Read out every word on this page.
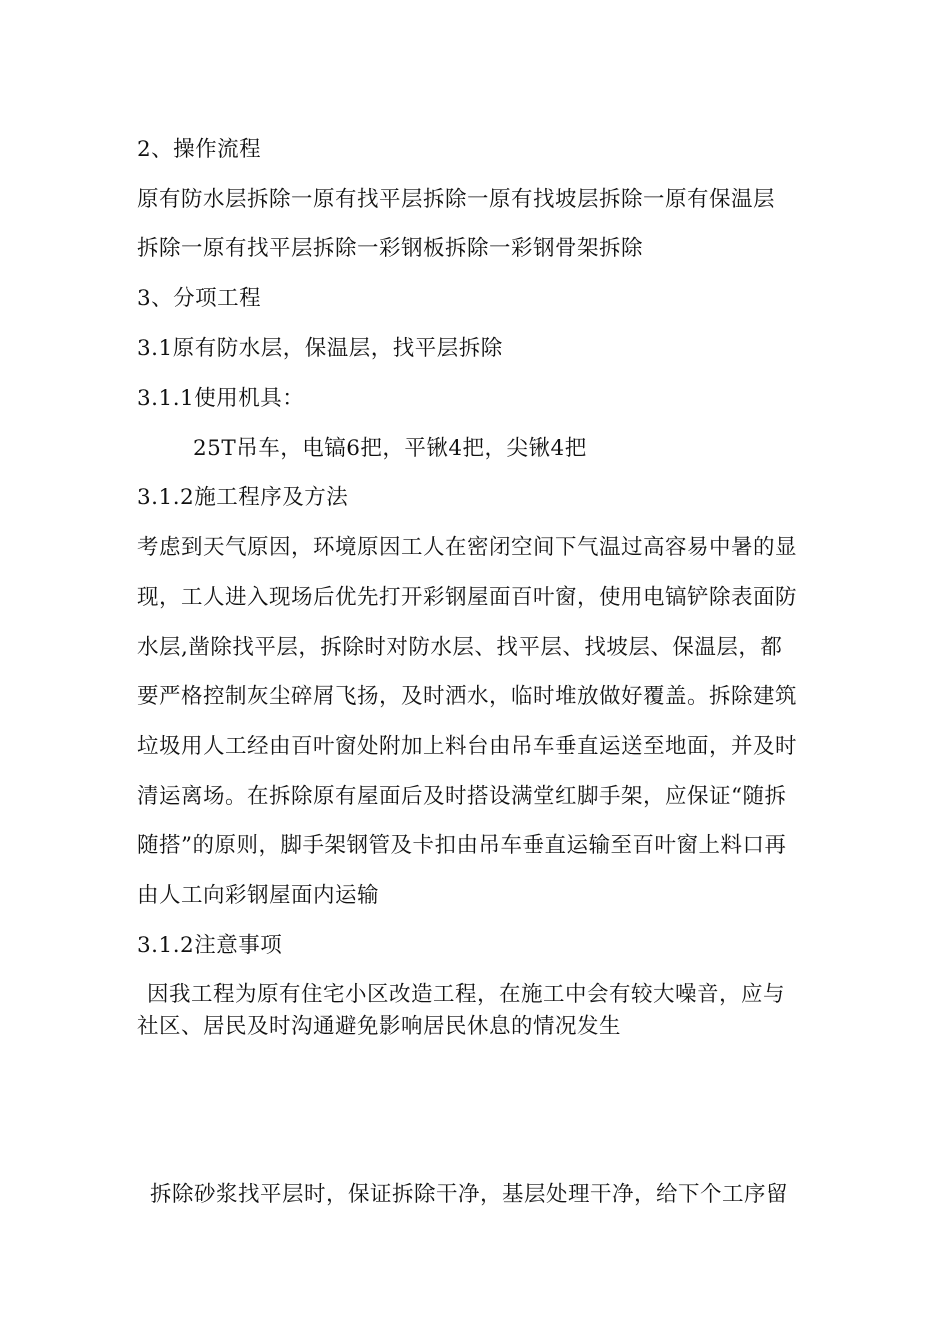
2、操作流程
原有防水层拆除一原有找平层拆除一原有找坡层拆除一原有保温层
拆除一原有找平层拆除一彩钢板拆除一彩钢骨架拆除
3、分项工程
3.1原有防水层，保温层，找平层拆除
3.1.1使用机具：
25T吊车，电镐6把，平锹4把，尖锹4把
3.1.2施工程序及方法
考虑到天气原因，环境原因工人在密闭空间下气温过高容易中暑的显
现，工人进入现场后优先打开彩钢屋面百叶窗，使用电镐铲除表面防
水层,凿除找平层，拆除时对防水层、找平层、找坡层、保温层，都
要严格控制灰尘碎屑飞扬，及时洒水，临时堆放做好覆盖。拆除建筑
垃圾用人工经由百叶窗处附加上料台由吊车垂直运送至地面，并及时
清运离场。在拆除原有屋面后及时搭设满堂红脚手架，应保证“随拆
随搭”的原则，脚手架钢管及卡扣由吊车垂直运输至百叶窗上料口再
由人工向彩钢屋面内运输
3.1.2注意事项
因我工程为原有住宅小区改造工程，在施工中会有较大噪音，应与
社区、居民及时沟通避免影响居民休息的情况发生
拆除砂浆找平层时，保证拆除干净，基层处理干净，给下个工序留
